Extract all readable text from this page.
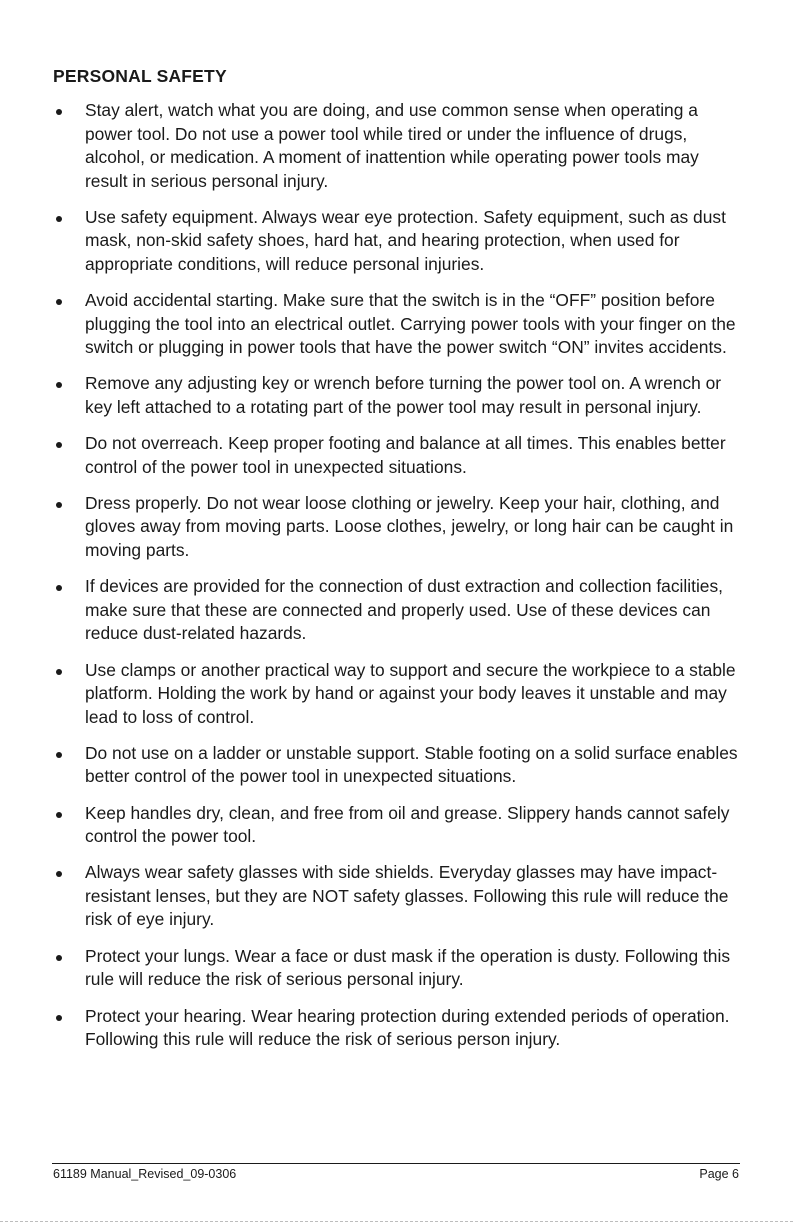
PERSONAL SAFETY
Stay alert, watch what you are doing, and use common sense when operating a power tool. Do not use a power tool while tired or under the influence of drugs, alcohol, or medication. A moment of inattention while operating power tools may result in serious personal injury.
Use safety equipment. Always wear eye protection. Safety equipment, such as dust mask, non-skid safety shoes, hard hat, and hearing protection, when used for appropriate conditions, will reduce personal injuries.
Avoid accidental starting. Make sure that the switch is in the “OFF” position before plugging the tool into an electrical outlet. Carrying power tools with your finger on the switch or plugging in power tools that have the power switch “ON” invites accidents.
Remove any adjusting key or wrench before turning the power tool on. A wrench or key left attached to a rotating part of the power tool may result in personal injury.
Do not overreach. Keep proper footing and balance at all times. This enables better control of the power tool in unexpected situations.
Dress properly. Do not wear loose clothing or jewelry. Keep your hair, clothing, and gloves away from moving parts. Loose clothes, jewelry, or long hair can be caught in moving parts.
If devices are provided for the connection of dust extraction and collection facilities, make sure that these are connected and properly used. Use of these devices can reduce dust-related hazards.
Use clamps or another practical way to support and secure the workpiece to a stable platform. Holding the work by hand or against your body leaves it unstable and may lead to loss of control.
Do not use on a ladder or unstable support. Stable footing on a solid surface enables better control of the power tool in unexpected situations.
Keep handles dry, clean, and free from oil and grease. Slippery hands cannot safely control the power tool.
Always wear safety glasses with side shields. Everyday glasses may have impact-resistant lenses, but they are NOT safety glasses. Following this rule will reduce the risk of eye injury.
Protect your lungs. Wear a face or dust mask if the operation is dusty. Following this rule will reduce the risk of serious personal injury.
Protect your hearing. Wear hearing protection during extended periods of operation. Following this rule will reduce the risk of serious person injury.
61189 Manual_Revised_09-0306	Page 6
